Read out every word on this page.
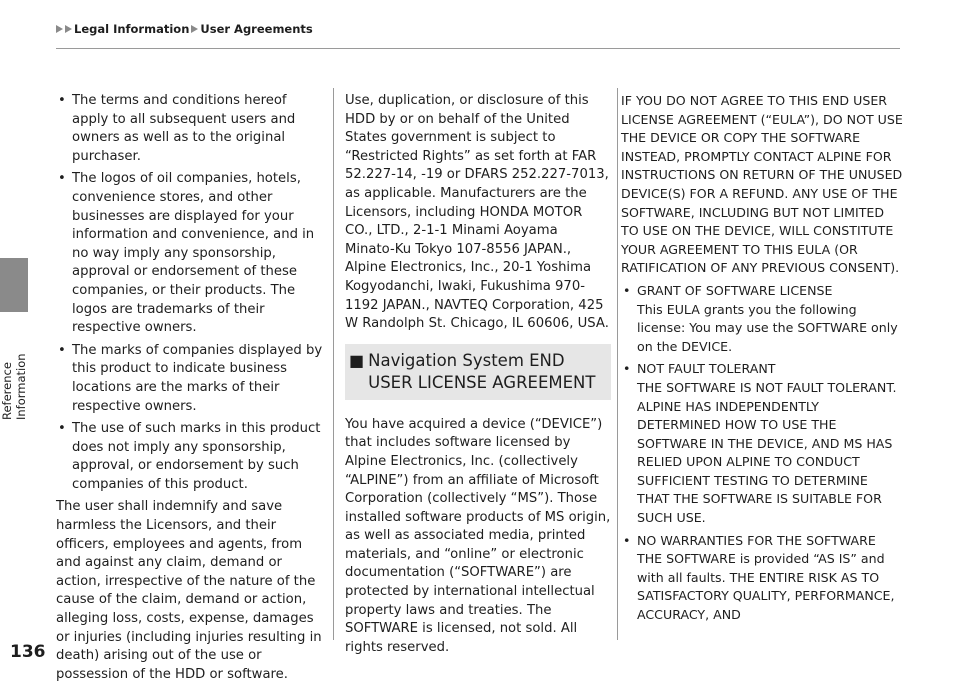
Legal Information User Agreements
Reference Information
136
• The terms and conditions hereof apply to all subsequent users and owners as well as to the original purchaser.
• The logos of oil companies, hotels, convenience stores, and other businesses are displayed for your information and convenience, and in no way imply any sponsorship, approval or endorsement of these companies, or their products. The logos are trademarks of their respective owners.
• The marks of companies displayed by this product to indicate business locations are the marks of their respective owners.
• The use of such marks in this product does not imply any sponsorship, approval, or endorsement by such companies of this product.

The user shall indemnify and save harmless the Licensors, and their officers, employees and agents, from and against any claim, demand or action, irrespective of the nature of the cause of the claim, demand or action, alleging loss, costs, expense, damages or injuries (including injuries resulting in death) arising out of the use or possession of the HDD or software.

Use, duplication, or disclosure of this HDD by or on behalf of the United States government is subject to “Restricted Rights” as set forth at FAR 52.227-14, -19 or DFARS 252.227-7013, as applicable. Manufacturers are the Licensors, including HONDA MOTOR CO., LTD., 2-1-1 Minami Aoyama Minato-Ku Tokyo 107-8556 JAPAN., Alpine Electronics, Inc., 20-1 Yoshima Kogyodanchi, Iwaki, Fukushima 970-1192 JAPAN., NAVTEQ Corporation, 425 W Randolph St. Chicago, IL 60606, USA.

■ Navigation System END USER LICENSE AGREEMENT

You have acquired a device (“DEVICE”) that includes software licensed by Alpine Electronics, Inc. (collectively “ALPINE”) from an affiliate of Microsoft Corporation (collectively “MS”). Those installed software products of MS origin, as well as associated media, printed materials, and “online” or electronic documentation (“SOFTWARE”) are protected by international intellectual property laws and treaties. The SOFTWARE is licensed, not sold. All rights reserved.

IF YOU DO NOT AGREE TO THIS END USER LICENSE AGREEMENT (“EULA”), DO NOT USE THE DEVICE OR COPY THE SOFTWARE INSTEAD, PROMPTLY CONTACT ALPINE FOR INSTRUCTIONS ON RETURN OF THE UNUSED DEVICE(S) FOR A REFUND. ANY USE OF THE SOFTWARE, INCLUDING BUT NOT LIMITED TO USE ON THE DEVICE, WILL CONSTITUTE YOUR AGREEMENT TO THIS EULA (OR RATIFICATION OF ANY PREVIOUS CONSENT).

• GRANT OF SOFTWARE LICENSE
This EULA grants you the following license: You may use the SOFTWARE only on the DEVICE.
• NOT FAULT TOLERANT
THE SOFTWARE IS NOT FAULT TOLERANT. ALPINE HAS INDEPENDENTLY DETERMINED HOW TO USE THE SOFTWARE IN THE DEVICE, AND MS HAS RELIED UPON ALPINE TO CONDUCT SUFFICIENT TESTING TO DETERMINE THAT THE SOFTWARE IS SUITABLE FOR SUCH USE.
• NO WARRANTIES FOR THE SOFTWARE
THE SOFTWARE is provided “AS IS” and with all faults. THE ENTIRE RISK AS TO SATISFACTORY QUALITY, PERFORMANCE, ACCURACY, AND
